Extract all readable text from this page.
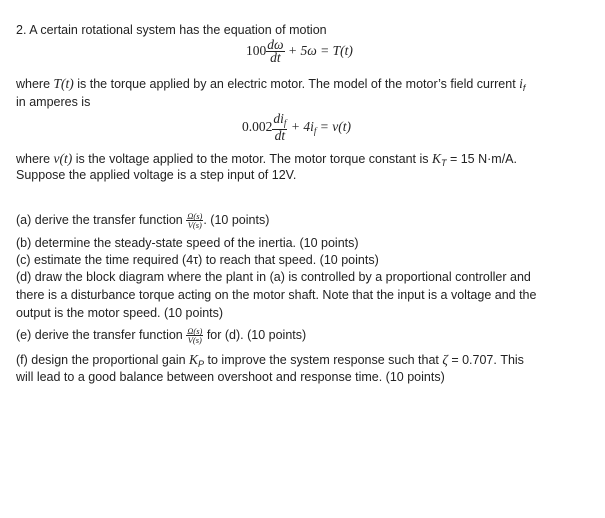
2. A certain rotational system has the equation of motion
$100 \frac{d\omega}{dt} + 5\omega = T(t)$
where T(t) is the torque applied by an electric motor. The model of the motor’s field current $i_f$
in amperes is
$0.002 \frac{di_f}{dt} + 4i_f = v(t)$
where v(t) is the voltage applied to the motor. The motor torque constant is $K_T = 15$ N·m/A.
Suppose the applied voltage is a step input of 12V.
(a) derive the transfer function $\frac{\Omega(s)}{V(s)}$ . (10 points)
(b) determine the steady-state speed of the inertia. (10 points)
(c) estimate the time required (4τ) to reach that speed. (10 points)
(d) draw the block diagram where the plant in (a) is controlled by a proportional controller and
there is a disturbance torque acting on the motor shaft. Note that the input is a voltage and the
output is the motor speed. (10 points)
(e) derive the transfer function $\frac{\Omega(s)}{V(s)}$ for (d). (10 points)
(f) design the proportional gain $K_P$ to improve the system response such that ζ = 0.707. This
will lead to a good balance between overshoot and response time. (10 points)
